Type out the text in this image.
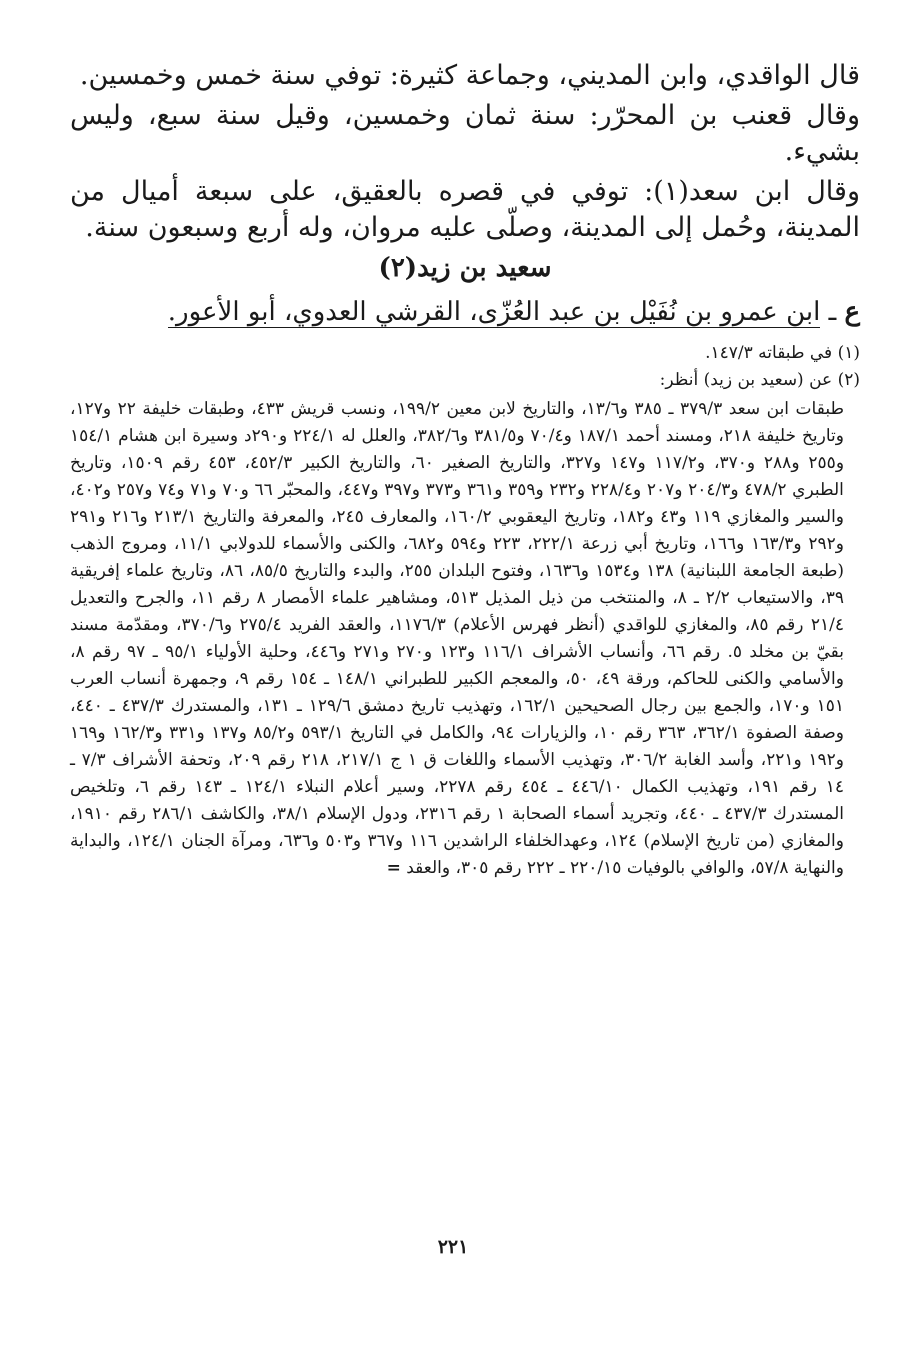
قال الواقدي، وابن المديني، وجماعة كثيرة: توفي سنة خمس وخمسين.

وقال قعنب بن المحرّر: سنة ثمان وخمسين، وقيل سنة سبع، وليس بشيء.

وقال ابن سعد(١): توفي في قصره بالعقيق، على سبعة أميال من المدينة، وحُمل إلى المدينة، وصلّى عليه مروان، وله أربع وسبعون سنة.

سعيد بن زيد(٢)
ع ـ ابن عمرو بن نُفَيْل بن عبد العُزّى، القرشي العدوي، أبو الأعور.

(١) في طبقاته ١٤٧/٣.

(٢) عن (سعيد بن زيد) أنظر:

طبقات ابن سعد ٣٧٩/٣ ـ ٣٨٥ و١٣/٦، والتاريخ لابن معين ١٩٩/٢، ونسب قريش ٤٣٣، وطبقات خليفة ٢٢ و١٢٧، وتاريخ خليفة ٢١٨، ومسند أحمد ١٨٧/١ و٧٠/٤ و٣٨١/٥ و٣٨٢/٦، والعلل له ٢٢٤/١ و٢٩٠د وسيرة ابن هشام ١٥٤/١ و٢٥٥ و٢٨٨ و٣٧٠، و١١٧/٢ و١٤٧ و٣٢٧، والتاريخ الصغير ٦٠، والتاريخ الكبير ٤٥٢/٣، ٤٥٣ رقم ١٥٠٩، وتاريخ الطبري ٤٧٨/٢ و٢٠٤/٣ و٢٠٧ و٢٢٨/٤ و٢٣٢ و٣٥٩ و٣٦١ و٣٧٣ و٣٩٧ و٤٤٧، والمحبّر ٦٦ و٧٠ و٧١ و٧٤ و٢٥٧ و٤٠٢، والسير والمغازي ١١٩ و٤٣ و١٨٢، وتاريخ اليعقوبي ١٦٠/٢، والمعارف ٢٤٥، والمعرفة والتاريخ ٢١٣/١ و٢١٦ و٢٩١ و٢٩٢ و١٦٣/٣ و١٦٦، وتاريخ أبي زرعة ٢٢٢/١، ٢٢٣ و٥٩٤ و٦٨٢، والكنى والأسماء للدولابي ١١/١، ومروج الذهب (طبعة الجامعة اللبنانية) ١٣٨ و١٥٣٤ و١٦٣٦، وفتوح البلدان ٢٥٥، والبدء والتاريخ ٨٥/٥، ٨٦، وتاريخ علماء إفريقية ٣٩، والاستيعاب ٢/٢ ـ ٨، والمنتخب من ذيل المذيل ٥١٣، ومشاهير علماء الأمصار ٨ رقم ١١، والجرح والتعديل ٢١/٤ رقم ٨٥، والمغازي للواقدي (أنظر فهرس الأعلام) ١١٧٦/٣، والعقد الفريد ٢٧٥/٤ و٣٧٠/٦، ومقدّمة مسند بقيّ بن مخلد ٥. رقم ٦٦، وأنساب الأشراف ١١٦/١ و١٢٣ و٢٧٠ و٢٧١ و٤٤٦، وحلية الأولياء ٩٥/١ ـ ٩٧ رقم ٨، والأسامي والكنى للحاكم، ورقة ٤٩، ٥٠، والمعجم الكبير للطبراني ١٤٨/١ ـ ١٥٤ رقم ٩، وجمهرة أنساب العرب ١٥١ و١٧٠، والجمع بين رجال الصحيحين ١٦٢/١، وتهذيب تاريخ دمشق ١٢٩/٦ ـ ١٣١، والمستدرك ٤٣٧/٣ ـ ٤٤٠، وصفة الصفوة ٣٦٢/١، ٣٦٣ رقم ١٠، والزيارات ٩٤، والكامل في التاريخ ٥٩٣/١ و٨٥/٢ و١٣٧ و٣٣١ و١٦٢/٣ و١٦٩ و١٩٢ و٢٢١، وأسد الغابة ٣٠٦/٢، وتهذيب الأسماء واللغات ق ١ ج ٢١٧/١، ٢١٨ رقم ٢٠٩، وتحفة الأشراف ٧/٣ ـ ١٤ رقم ١٩١، وتهذيب الكمال ٤٤٦/١٠ ـ ٤٥٤ رقم ٢٢٧٨، وسير أعلام النبلاء ١٢٤/١ ـ ١٤٣ رقم ٦، وتلخيص المستدرك ٤٣٧/٣ ـ ٤٤٠، وتجريد أسماء الصحابة ١ رقم ٢٣١٦، ودول الإسلام ٣٨/١، والكاشف ٢٨٦/١ رقم ١٩١٠، والمغازي (من تاريخ الإسلام) ١٢٤، وعهدالخلفاء الراشدين ١١٦ و٣٦٧ و٥٠٣ و٦٣٦، ومرآة الجنان ١٢٤/١، والبداية والنهاية ٥٧/٨، والوافي بالوفيات ٢٢٠/١٥ ـ ٢٢٢ رقم ٣٠٥، والعقد =

٢٢١
